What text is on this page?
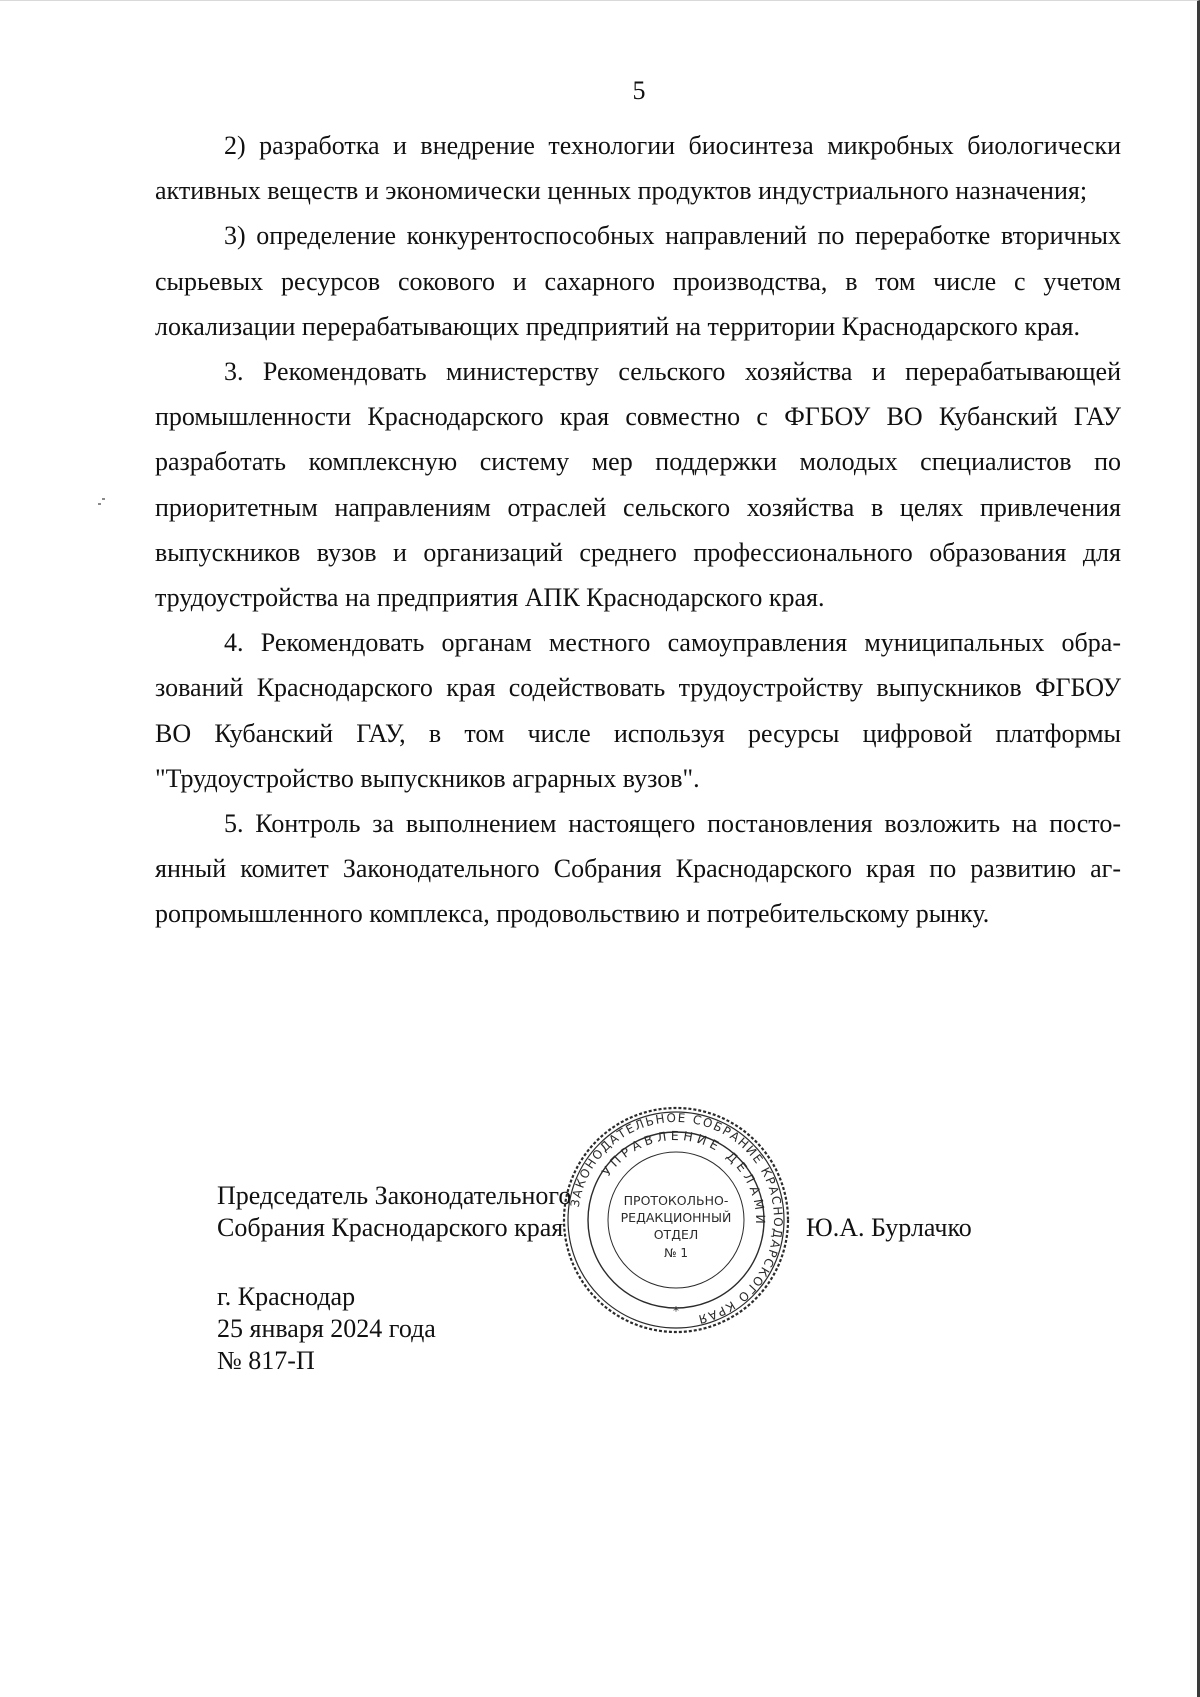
5

2) разработка и внедрение технологии биосинтеза микробных биологически активных веществ и экономически ценных продуктов индустриального назначения;

3) определение конкурентоспособных направлений по переработке вторичных сырьевых ресурсов сокового и сахарного производства, в том числе с учетом локализации перерабатывающих предприятий на территории Краснодарского края.

3. Рекомендовать министерству сельского хозяйства и перерабатывающей промышленности Краснодарского края совместно с ФГБОУ ВО Кубанский ГАУ разработать комплексную систему мер поддержки молодых специалистов по приоритетным направлениям отраслей сельского хозяйства в целях привлечения выпускников вузов и организаций среднего профессионального образования для трудоустройства на предприятия АПК Краснодарского края.

4. Рекомендовать органам местного самоуправления муниципальных образований Краснодарского края содействовать трудоустройству выпускников ФГБОУ ВО Кубанский ГАУ, в том числе используя ресурсы цифровой платформы "Трудоустройство выпускников аграрных вузов".

5. Контроль за выполнением настоящего постановления возложить на постоянный комитет Законодательного Собрания Краснодарского края по развитию агропромышленного комплекса, продовольствию и потребительскому рынку.

Председатель Законодательного
Собрания Краснодарского края	Ю.А. Бурлачко
г. Краснодар
25 января 2024 года
№ 817-П
ЗАКОНОДАТЕЛЬНОЕ СОБРАНИЕ КРАСНОДАРСКОГО КРАЯ
УПРАВЛЕНИЕ ДЕЛАМИ
ПРОТОКОЛЬНО-
РЕДАКЦИОННЫЙ
ОТДЕЛ
№ 1
*
